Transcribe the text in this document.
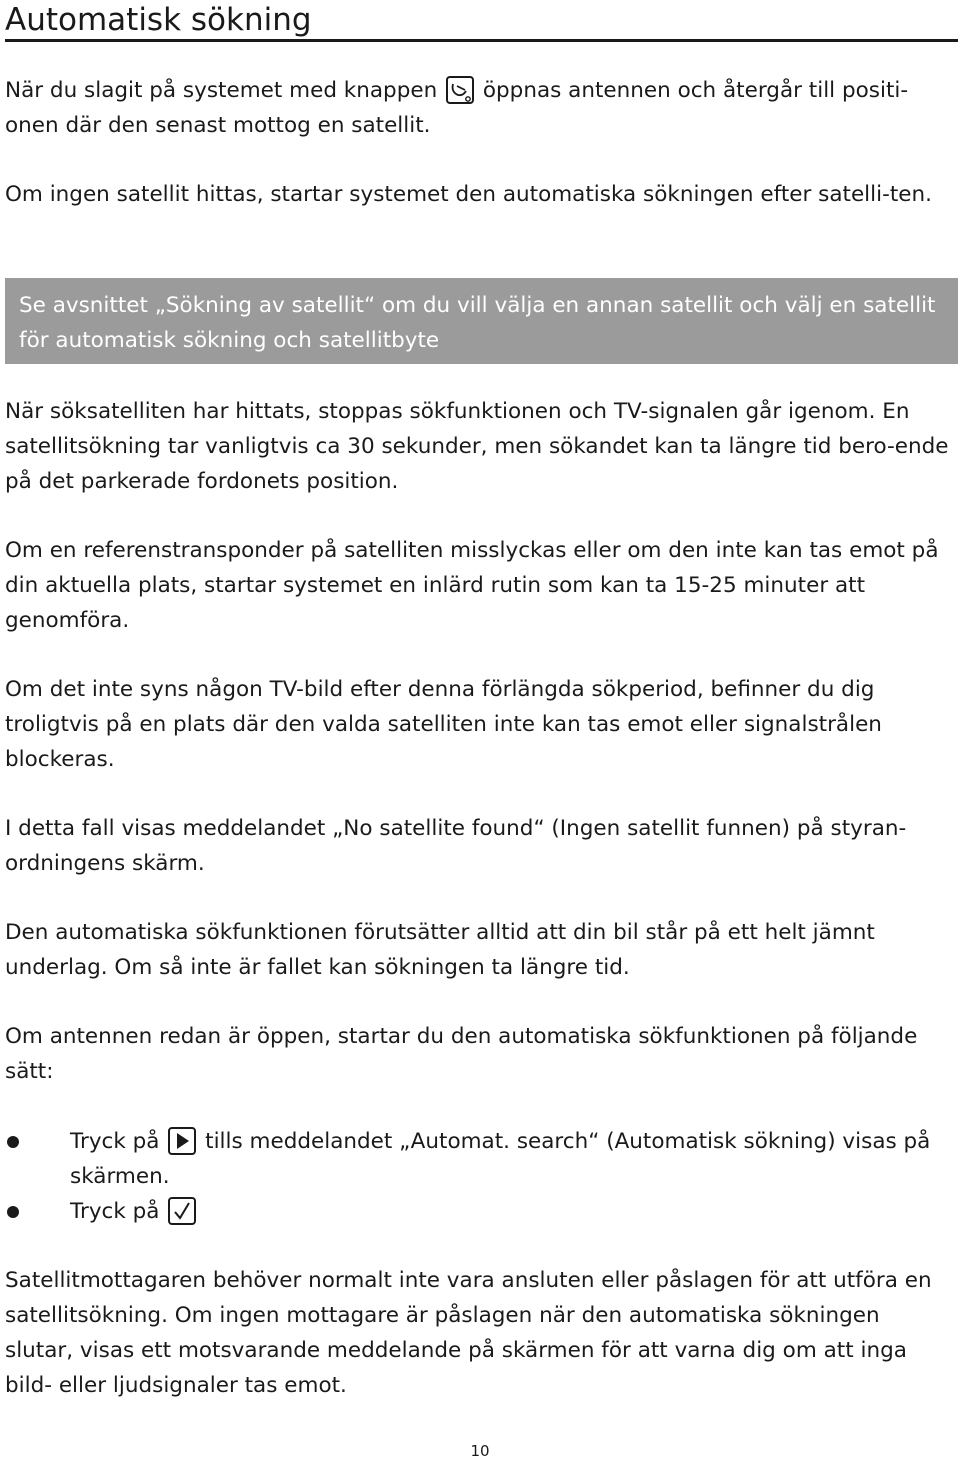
Automatisk sökning

När du slagit på systemet med knappen
öppnas antennen och återgår till positi-onen där den senast mottog en satellit.

Om ingen satellit hittas, startar systemet den automatiska sökningen efter satelli-ten.

Se avsnittet „Sökning av satellit“ om du vill välja en annan satellit och välj en satellit för automatisk sökning och satellitbyte

När söksatelliten har hittats, stoppas sökfunktionen och TV-signalen går igenom. En satellitsökning tar vanligtvis ca 30 sekunder, men sökandet kan ta längre tid bero-ende på det parkerade fordonets position.

Om en referenstransponder på satelliten misslyckas eller om den inte kan tas emot på din aktuella plats, startar systemet en inlärd rutin som kan ta 15-25 minuter att genomföra.

Om det inte syns någon TV-bild efter denna förlängda sökperiod, befinner du dig troligtvis på en plats där den valda satelliten inte kan tas emot eller signalstrålen blockeras.

I detta fall visas meddelandet „No satellite found“ (Ingen satellit funnen) på styran-ordningens skärm.

Den automatiska sökfunktionen förutsätter alltid att din bil står på ett helt jämnt underlag. Om så inte är fallet kan sökningen ta längre tid.

Om antennen redan är öppen, startar du den automatiska sökfunktionen på följande sätt:

Tryck på
tills meddelandet „Automat. search“ (Automatisk sökning) visas på skärmen.
Tryck på

Satellitmottagaren behöver normalt inte vara ansluten eller påslagen för att utföra en satellitsökning. Om ingen mottagare är påslagen när den automatiska sökningen slutar, visas ett motsvarande meddelande på skärmen för att varna dig om att inga bild- eller ljudsignaler tas emot.

10
